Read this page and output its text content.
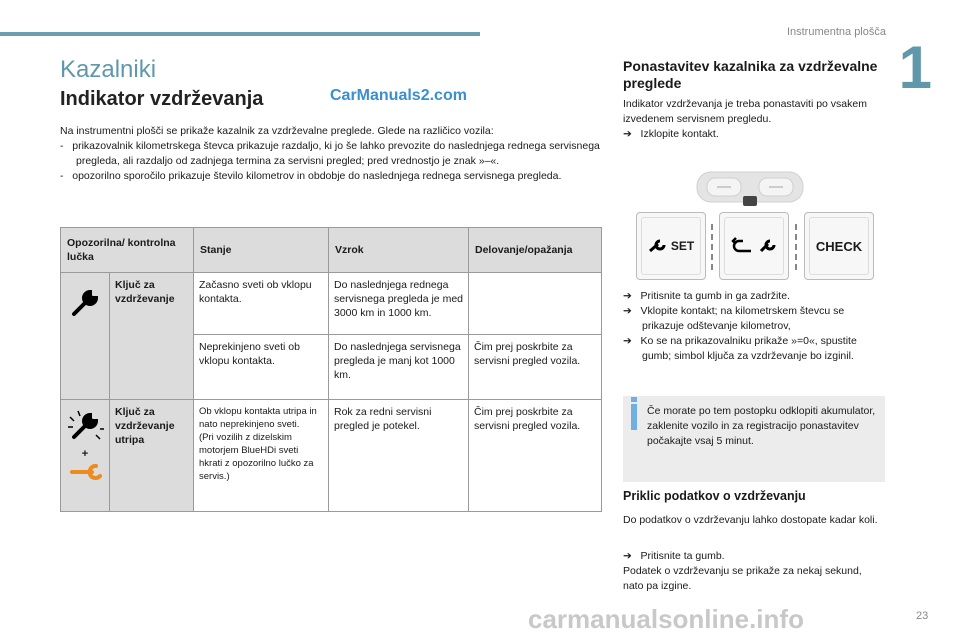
Instrumentna plošča
1
Kazalniki
Indikator vzdrževanja	CarManuals2.com

Na instrumentni plošči se prikaže kazalnik za vzdrževalne preglede. Glede na različico vozila:

-   prikazovalnik kilometrskega števca prikazuje razdaljo, ki jo še lahko prevozite do naslednjega rednega servisnega pregleda, ali razdaljo od zadnjega termina za servisni pregled; pred vrednostjo je znak »–«.

-   opozorilno sporočilo prikazuje število kilometrov in obdobje do naslednjega rednega servisnega pregleda.

Opozorilna/ kontrolna lučka		Stanje	Vzrok	Delovanje/opažanja
	Ključ za vzdrževanje	Začasno sveti ob vklopu kontakta.	Do naslednjega rednega servisnega pregleda je med 3000 km in 1000 km.	
		Neprekinjeno sveti ob vklopu kontakta.	Do naslednjega servisnega pregleda je manj kot 1000 km.	Čim prej poskrbite za servisni pregled vozila.

+	Ključ za vzdrževanje utripa	Ob vklopu kontakta utripa in nato neprekinjeno sveti.
(Pri vozilih z dizelskim motorjem BlueHDi sveti hkrati z opozorilno lučko za servis.)	Rok za redni servisni pregled je potekel.	Čim prej poskrbite za servisni pregled vozila.
Ponastavitev kazalnika za vzdrževalne preglede
Indikator vzdrževanja je treba ponastaviti po vsakem izvedenem servisnem pregledu.
➔   Izklopite kontakt.
SET	CHECK
➔   Pritisnite ta gumb in ga zadržite.
➔   Vklopite kontakt; na kilometrskem števcu se prikazuje odštevanje kilometrov,
➔   Ko se na prikazovalniku prikaže »=0«, spustite gumb; simbol ključa za vzdrževanje bo izginil.
Če morate po tem postopku odklopiti akumulator, zaklenite vozilo in za registracijo ponastavitev počakajte vsaj 5 minut.
Priklic podatkov o vzdrževanju
Do podatkov o vzdrževanju lahko dostopate kadar koli.
➔   Pritisnite ta gumb.
Podatek o vzdrževanju se prikaže za nekaj sekund, nato pa izgine.
carmanualsonline.info	23
